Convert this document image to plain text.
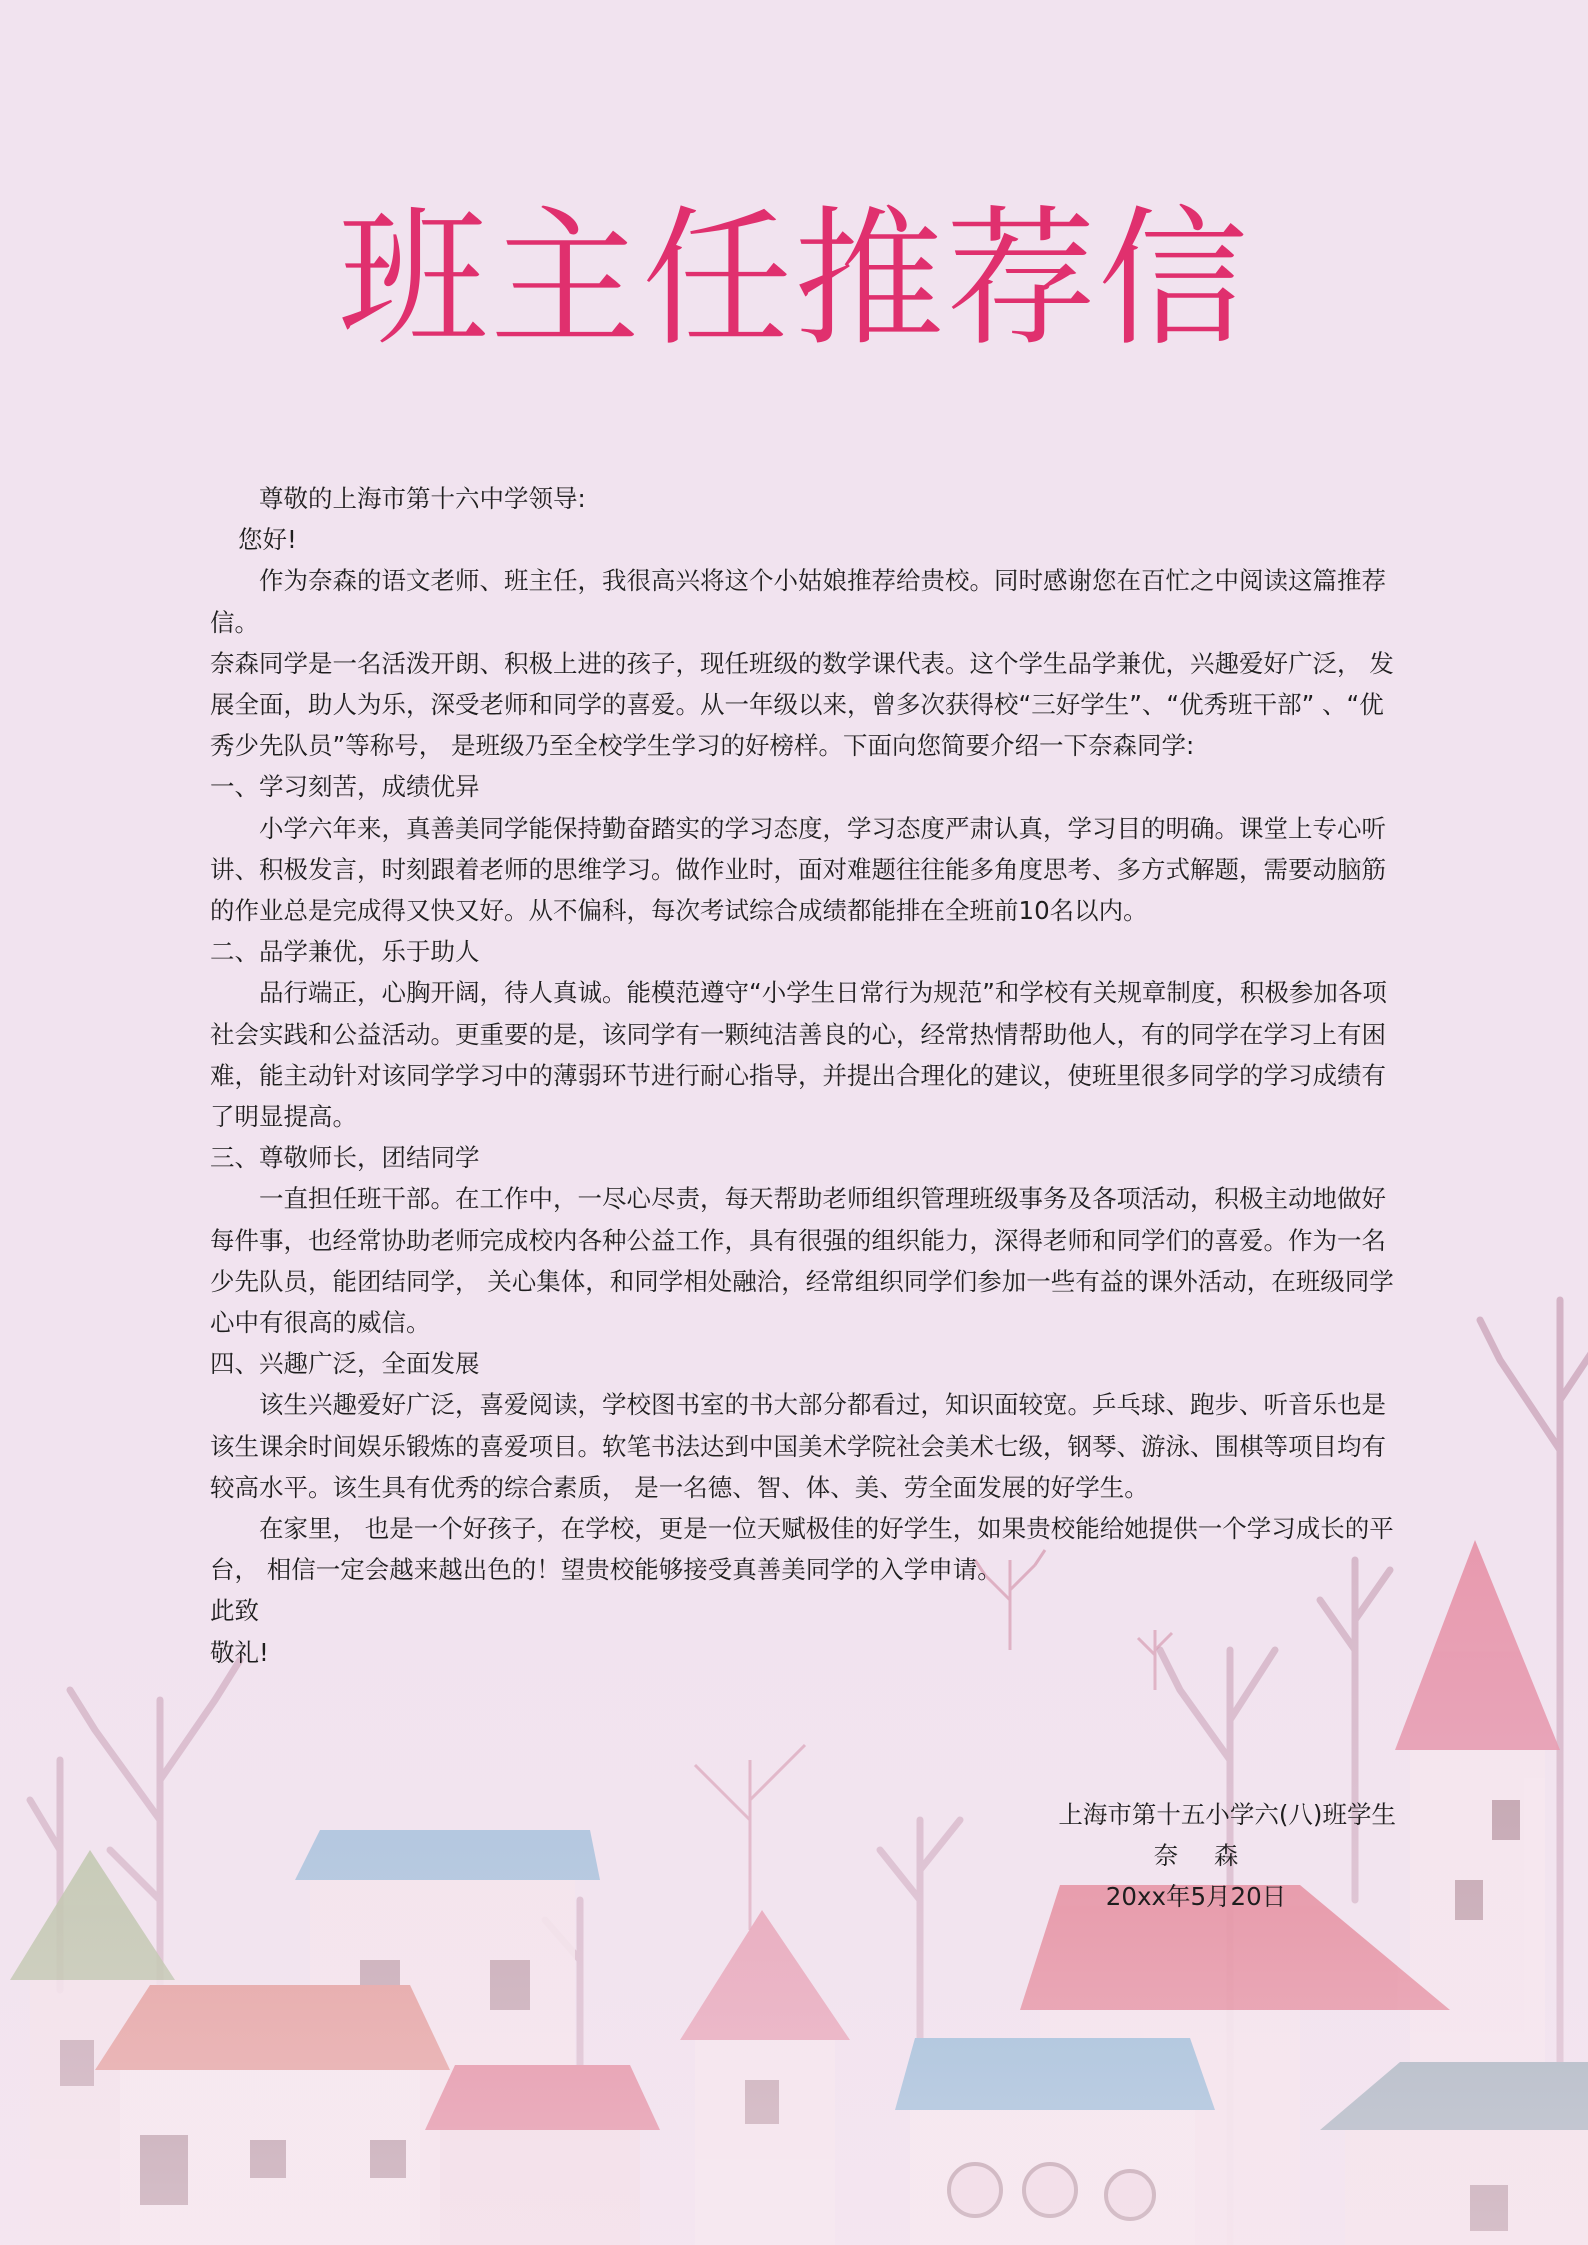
班主任推荐信

尊敬的上海市第十六中学领导:

您好!

作为奈森的语文老师、班主任，我很高兴将这个小姑娘推荐给贵校。同时感谢您在百忙之中阅读这篇推荐信。

奈森同学是一名活泼开朗、积极上进的孩子，现任班级的数学课代表。这个学生品学兼优，兴趣爱好广泛， 发展全面，助人为乐，深受老师和同学的喜爱。从一年级以来，曾多次获得校“三好学生”、“优秀班干部” 、“优秀少先队员”等称号， 是班级乃至全校学生学习的好榜样。下面向您简要介绍一下奈森同学:

一、学习刻苦，成绩优异

小学六年来，真善美同学能保持勤奋踏实的学习态度，学习态度严肃认真，学习目的明确。课堂上专心听讲、积极发言，时刻跟着老师的思维学习。做作业时，面对难题往往能多角度思考、多方式解题，需要动脑筋的作业总是完成得又快又好。从不偏科，每次考试综合成绩都能排在全班前10名以内。

二、品学兼优，乐于助人

品行端正，心胸开阔，待人真诚。能模范遵守“小学生日常行为规范”和学校有关规章制度，积极参加各项社会实践和公益活动。更重要的是，该同学有一颗纯洁善良的心，经常热情帮助他人，有的同学在学习上有困难，能主动针对该同学学习中的薄弱环节进行耐心指导，并提出合理化的建议，使班里很多同学的学习成绩有了明显提高。

三、尊敬师长，团结同学

一直担任班干部。在工作中，一尽心尽责，每天帮助老师组织管理班级事务及各项活动，积极主动地做好每件事，也经常协助老师完成校内各种公益工作，具有很强的组织能力，深得老师和同学们的喜爱。作为一名少先队员，能团结同学， 关心集体，和同学相处融洽，经常组织同学们参加一些有益的课外活动，在班级同学心中有很高的威信。

四、兴趣广泛，全面发展

该生兴趣爱好广泛，喜爱阅读，学校图书室的书大部分都看过，知识面较宽。乒乓球、跑步、听音乐也是该生课余时间娱乐锻炼的喜爱项目。软笔书法达到中国美术学院社会美术七级，钢琴、游泳、围棋等项目均有较高水平。该生具有优秀的综合素质， 是一名德、智、体、美、劳全面发展的好学生。

在家里， 也是一个好孩子，在学校，更是一位天赋极佳的好学生，如果贵校能给她提供一个学习成长的平台， 相信一定会越来越出色的！望贵校能够接受真善美同学的入学申请。

此致

敬礼!

上海市第十五小学六(八)班学生
奈 森
20xx年5月20日
